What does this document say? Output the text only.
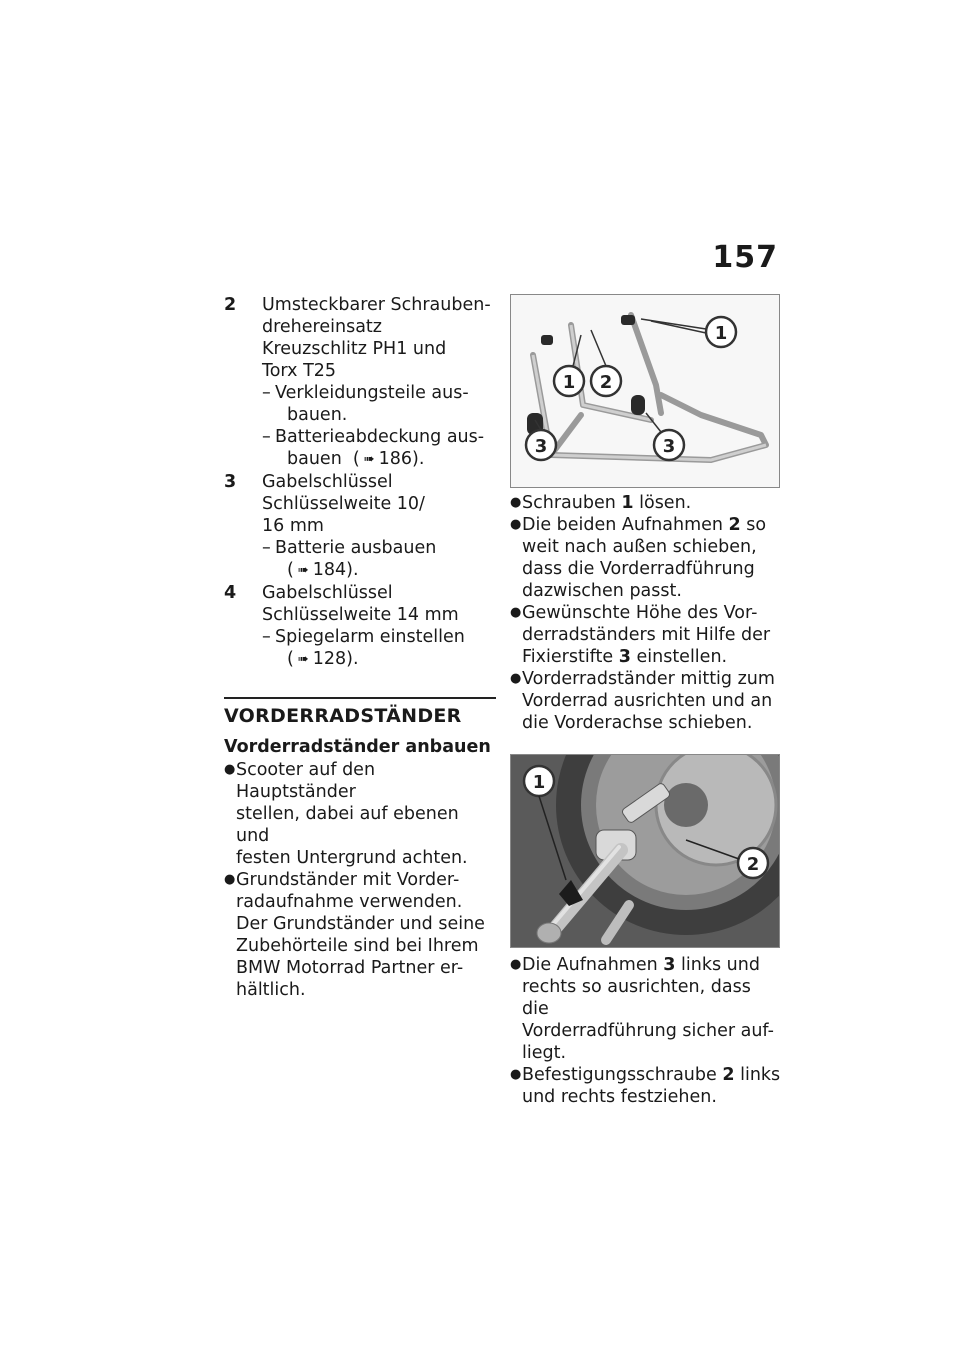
157
2	Umsteckbarer Schrauben-
drehereinsatz
Kreuzschlitz PH1 und
Torx T25
– Verkleidungsteile aus-
bauen.
– Batterieabdeckung aus-
bauen  ( ➠ 186).
3	Gabelschlüssel
Schlüsselweite 10/
16 mm
– Batterie ausbauen
( ➠ 184).
4	Gabelschlüssel
Schlüsselweite 14 mm
– Spiegelarm einstellen
( ➠ 128).
VORDERRADSTÄNDER
Vorderradständer anbauen
● Scooter auf den Hauptständer
stellen, dabei auf ebenen und
festen Untergrund achten.
● Grundständer mit Vorder-
radaufnahme verwenden.
Der Grundständer und seine
Zubehörteile sind bei Ihrem
BMW Motorrad Partner er-
hältlich.
1
1 2
3	3
● Schrauben 1 lösen.
● Die beiden Aufnahmen 2 so
weit nach außen schieben,
dass die Vorderradführung
dazwischen passt.
● Gewünschte Höhe des Vor-
derradständers mit Hilfe der
Fixierstifte 3 einstellen.
● Vorderradständer mittig zum
Vorderrad ausrichten und an
die Vorderachse schieben.
1
2
● Die Aufnahmen 3 links und
rechts so ausrichten, dass die
Vorderradführung sicher auf-
liegt.
● Befestigungsschraube 2 links
und rechts festziehen.
